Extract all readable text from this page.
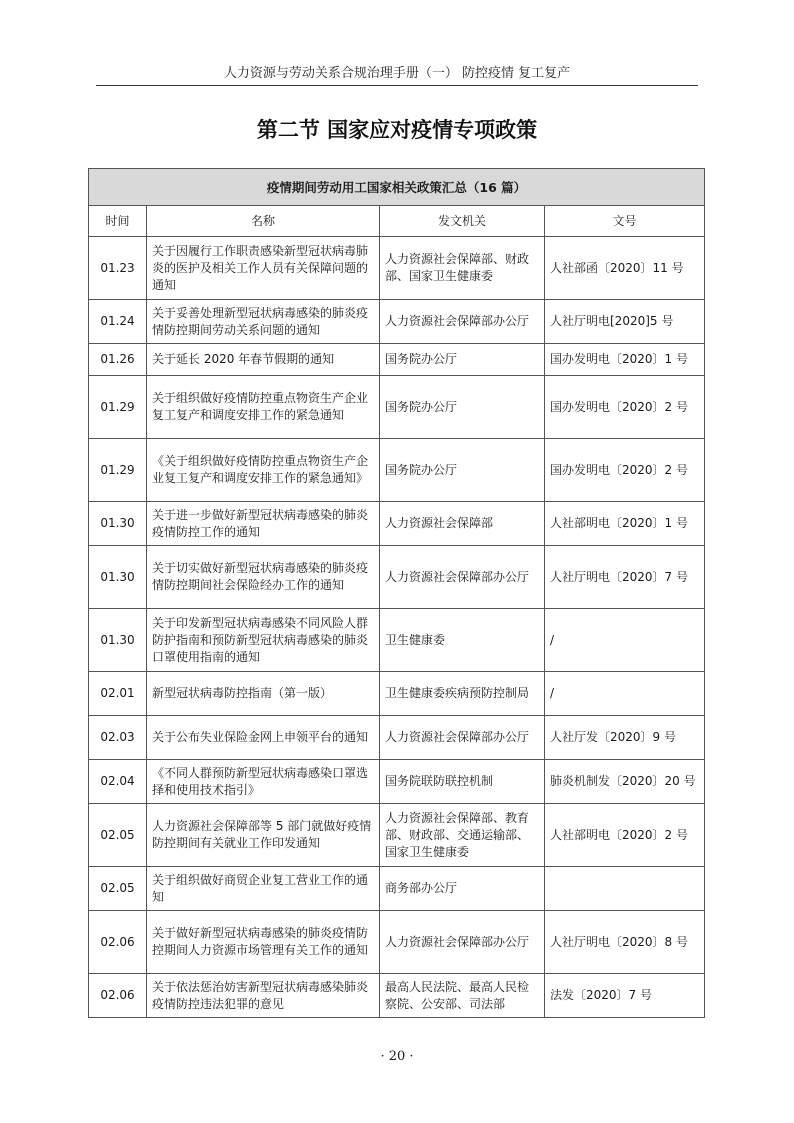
人力资源与劳动关系合规治理手册（一） 防控疫情 复工复产
第二节 国家应对疫情专项政策
疫情期间劳动用工国家相关政策汇总（16 篇）			
时间	名称	发文机关	文号
01.23	关于因履行工作职责感染新型冠状病毒肺炎的医护及相关工作人员有关保障问题的通知	人力资源社会保障部、财政部、国家卫生健康委	人社部函〔2020〕11 号
01.24	关于妥善处理新型冠状病毒感染的肺炎疫情防控期间劳动关系问题的通知	人力资源社会保障部办公厅	人社厅明电[2020]5 号
01.26	关于延长 2020 年春节假期的通知	国务院办公厅	国办发明电〔2020〕1 号
01.29	关于组织做好疫情防控重点物资生产企业复工复产和调度安排工作的紧急通知	国务院办公厅	国办发明电〔2020〕2 号
01.29	《关于组织做好疫情防控重点物资生产企业复工复产和调度安排工作的紧急通知》	国务院办公厅	国办发明电〔2020〕2 号
01.30	关于进一步做好新型冠状病毒感染的肺炎疫情防控工作的通知	人力资源社会保障部	人社部明电〔2020〕1 号
01.30	关于切实做好新型冠状病毒感染的肺炎疫情防控期间社会保险经办工作的通知	人力资源社会保障部办公厅	人社厅明电〔2020〕7 号
01.30	关于印发新型冠状病毒感染不同风险人群防护指南和预防新型冠状病毒感染的肺炎口罩使用指南的通知	卫生健康委	/
02.01	新型冠状病毒防控指南（第一版）	卫生健康委疾病预防控制局	/
02.03	关于公布失业保险金网上申领平台的通知	人力资源社会保障部办公厅	人社厅发〔2020〕9 号
02.04	《不同人群预防新型冠状病毒感染口罩选择和使用技术指引》	国务院联防联控机制	肺炎机制发〔2020〕20 号
02.05	人力资源社会保障部等 5 部门就做好疫情防控期间有关就业工作印发通知	人力资源社会保障部、教育部、财政部、交通运输部、国家卫生健康委	人社部明电〔2020〕2 号
02.05	关于组织做好商贸企业复工营业工作的通知	商务部办公厅	
02.06	关于做好新型冠状病毒感染的肺炎疫情防控期间人力资源市场管理有关工作的通知	人力资源社会保障部办公厅	人社厅明电〔2020〕8 号
02.06	关于依法惩治妨害新型冠状病毒感染肺炎疫情防控违法犯罪的意见	最高人民法院、最高人民检察院、公安部、司法部	法发〔2020〕7 号
· 20 ·
